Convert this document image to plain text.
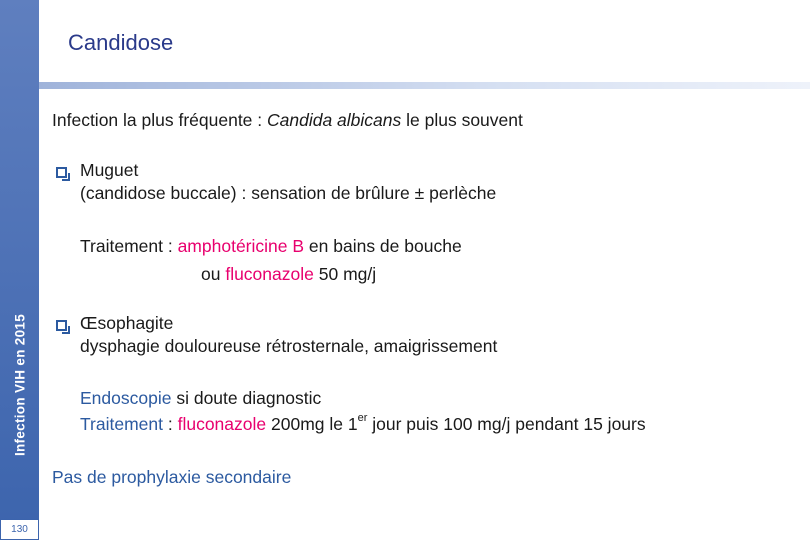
Infection VIH en 2015
130
Candidose
Infection la plus fréquente : Candida albicans le plus souvent
Muguet
(candidose buccale) : sensation de brûlure ± perlèche
Traitement : amphotéricine B en bains de bouche
ou fluconazole 50 mg/j
Œsophagite
dysphagie douloureuse rétrosternale, amaigrissement
Endoscopie si doute diagnostic
Traitement : fluconazole 200mg le 1er jour puis 100 mg/j pendant 15 jours
Pas de prophylaxie secondaire
